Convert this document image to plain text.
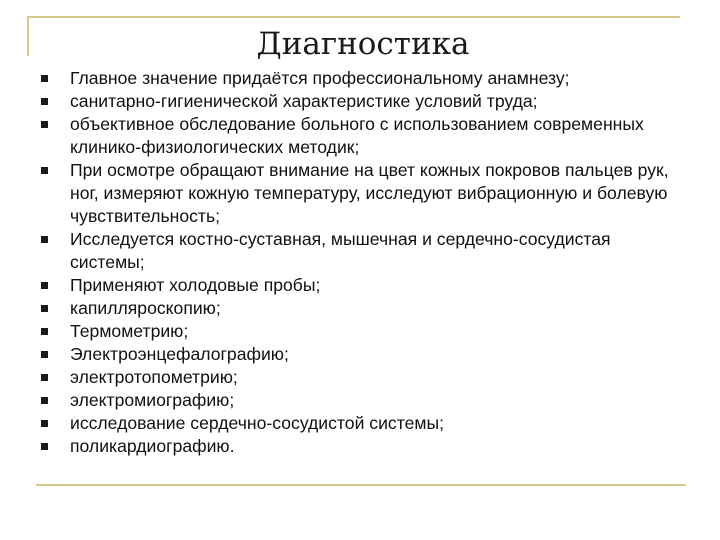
Диагностика
Главное значение придаётся профессиональному анамнезу;
санитарно-гигиенической характеристике условий труда;
объективное обследование больного с использованием современных клинико-физиологических методик;
При осмотре обращают внимание на цвет кожных покровов пальцев рук, ног, измеряют кожную температуру, исследуют вибрационную и болевую чувствительность;
Исследуется костно-суставная, мышечная и сердечно-сосудистая системы;
Применяют холодовые пробы;
капилляроскопию;
Термометрию;
Электроэнцефалографию;
электротопометрию;
электромиографию;
исследование сердечно-сосудистой системы;
поликардиографию.
